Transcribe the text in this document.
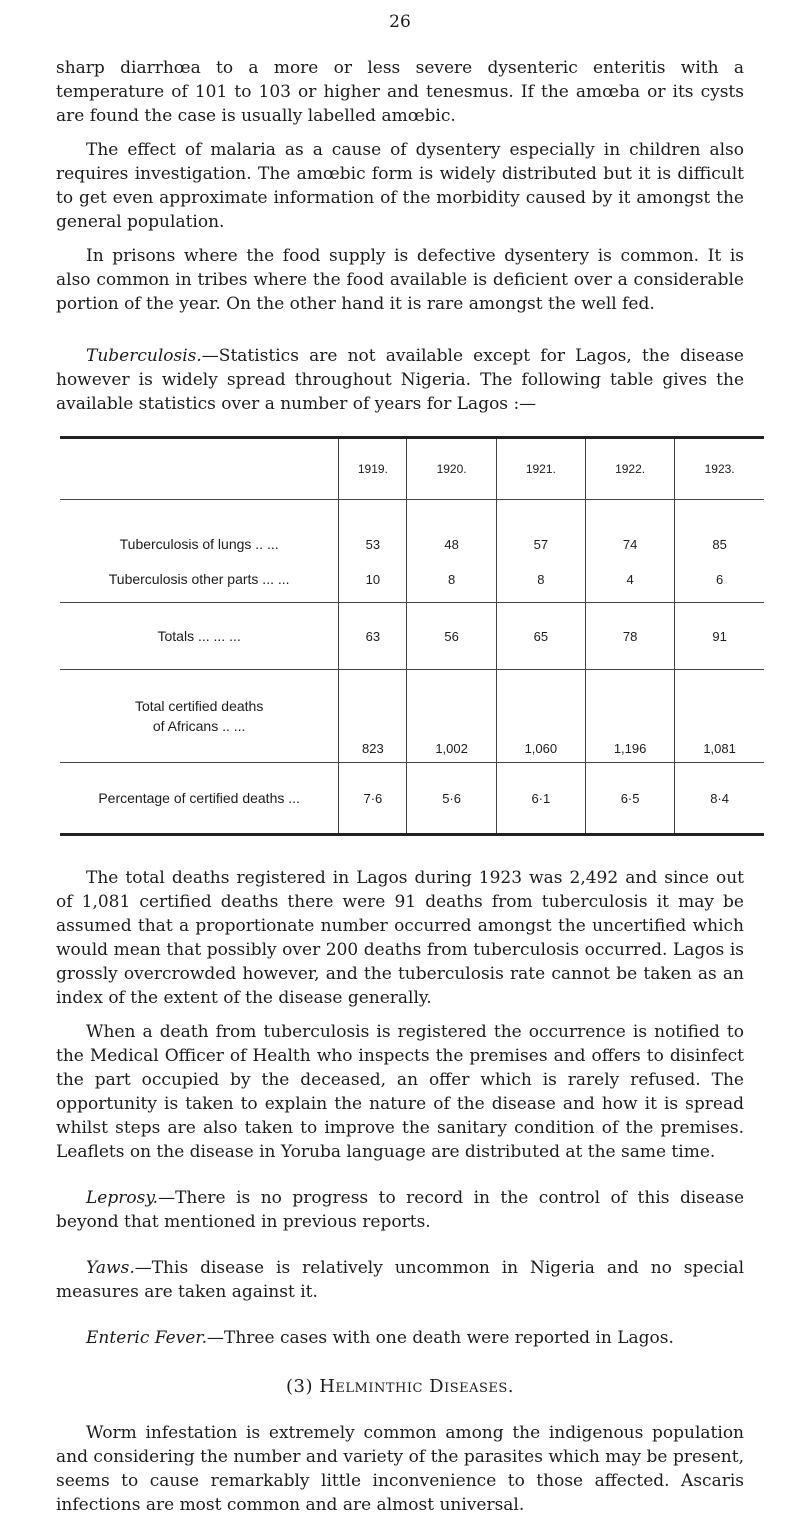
26

sharp diarrhœa to a more or less severe dysenteric enteritis with a temperature of 101 to 103 or higher and tenesmus. If the amœba or its cysts are found the case is usually labelled amœbic.

The effect of malaria as a cause of dysentery especially in children also requires investigation. The amœbic form is widely distributed but it is difficult to get even approximate information of the morbidity caused by it amongst the general population.

In prisons where the food supply is defective dysentery is common. It is also common in tribes where the food available is deficient over a considerable portion of the year. On the other hand it is rare amongst the well fed.

Tuberculosis.—Statistics are not available except for Lagos, the disease however is widely spread throughout Nigeria. The following table gives the available statistics over a number of years for Lagos :—

	1919.	1920.	1921.	1922.	1923.
Tuberculosis of lungs .. ...	53	48	57	74	85
Tuberculosis other parts ... ...	10	8	8	4	6
Totals ... ... ...	63	56	65	78	91
Total certified deaths
of Africans .. ...	823	1,002	1,060	1,196	1,081
Percentage of certified deaths ...	7·6	5·6	6·1	6·5	8·4

The total deaths registered in Lagos during 1923 was 2,492 and since out of 1,081 certified deaths there were 91 deaths from tuberculosis it may be assumed that a proportionate number occurred amongst the uncertified which would mean that possibly over 200 deaths from tuberculosis occurred. Lagos is grossly overcrowded however, and the tuberculosis rate cannot be taken as an index of the extent of the disease generally.

When a death from tuberculosis is registered the occurrence is notified to the Medical Officer of Health who inspects the premises and offers to disinfect the part occupied by the deceased, an offer which is rarely refused. The opportunity is taken to explain the nature of the disease and how it is spread whilst steps are also taken to improve the sanitary condition of the premises. Leaflets on the disease in Yoruba language are distributed at the same time.

Leprosy.—There is no progress to record in the control of this disease beyond that mentioned in previous reports.

Yaws.—This disease is relatively uncommon in Nigeria and no special measures are taken against it.

Enteric Fever.—Three cases with one death were reported in Lagos.

(3) Helminthic Diseases.

Worm infestation is extremely common among the indigenous population and considering the number and variety of the parasites which may be present, seems to cause remarkably little inconvenience to those affected. Ascaris infections are most common and are almost universal.
